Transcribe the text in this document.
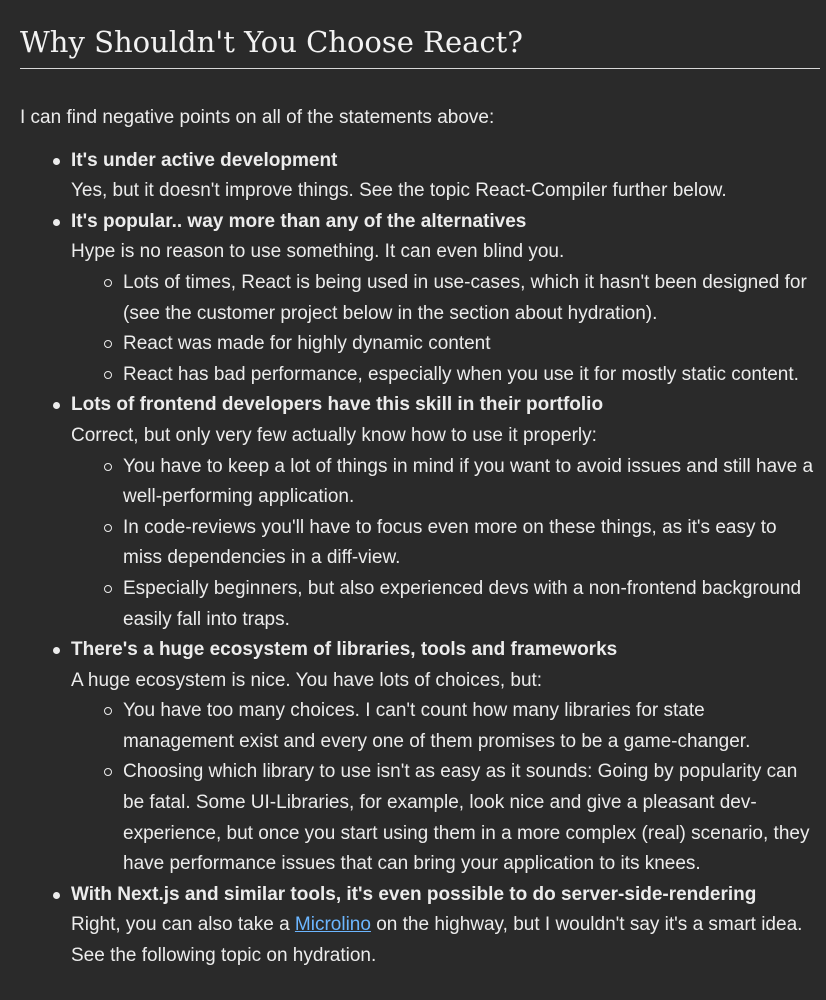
Why Shouldn't You Choose React?

I can find negative points on all of the statements above:

It's under active development
Yes, but it doesn't improve things. See the topic React-Compiler further below.
It's popular.. way more than any of the alternatives
Hype is no reason to use something. It can even blind you.
Lots of times, React is being used in use-cases, which it hasn't been designed for (see the customer project below in the section about hydration).
React was made for highly dynamic content
React has bad performance, especially when you use it for mostly static content.
Lots of frontend developers have this skill in their portfolio
Correct, but only very few actually know how to use it properly:
You have to keep a lot of things in mind if you want to avoid issues and still have a well-performing application.
In code-reviews you'll have to focus even more on these things, as it's easy to miss dependencies in a diff-view.
Especially beginners, but also experienced devs with a non-frontend background easily fall into traps.
There's a huge ecosystem of libraries, tools and frameworks
A huge ecosystem is nice. You have lots of choices, but:
You have too many choices. I can't count how many libraries for state management exist and every one of them promises to be a game-changer.
Choosing which library to use isn't as easy as it sounds: Going by popularity can be fatal. Some UI-Libraries, for example, look nice and give a pleasant dev-experience, but once you start using them in a more complex (real) scenario, they have performance issues that can bring your application to its knees.
With Next.js and similar tools, it's even possible to do server-side-rendering
Right, you can also take a Microlino on the highway, but I wouldn't say it's a smart idea. See the following topic on hydration.
